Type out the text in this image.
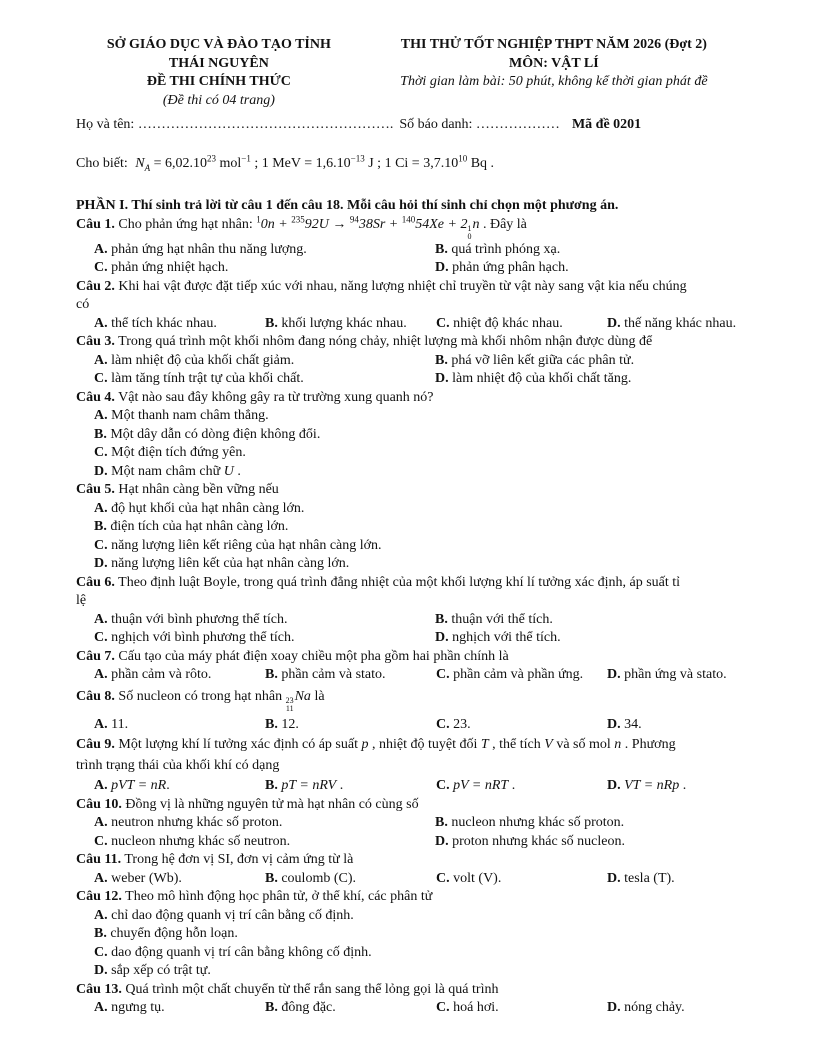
SỞ GIÁO DỤC VÀ ĐÀO TẠO TỈNH
THÁI NGUYÊN
ĐỀ THI CHÍNH THỨC
(Đề thi có 04 trang)
THI THỬ TỐT NGHIỆP THPT NĂM 2026 (Đợt 2)
MÔN: VẬT LÍ
Thời gian làm bài: 50 phút, không kể thời gian phát đề
Họ và tên: ………………………………………………. Số báo danh: ……………… Mã đề 0201
Cho biết: $N_A = 6,02.10^{23}$ mol$^{-1}$ ; 1 MeV = $1,6.10^{-13}$ J ; 1 $Ci = 3,7.10^{10}$ Bq .
PHẦN I. Thí sinh trả lời từ câu 1 đến câu 18. Mỗi câu hỏi thí sinh chỉ chọn một phương án.
Câu 1. Cho phản ứng hạt nhân: $^1$0n + $^{235}$92U → $^{94}$38Sr + $^{140}$54Xe + 2 1
0
n . Đây là
A. phản ứng hạt nhân thu năng lượng.	B. quá trình phóng xạ.
C. phản ứng nhiệt hạch.	D. phản ứng phân hạch.
Câu 2. Khi hai vật được đặt tiếp xúc với nhau, năng lượng nhiệt chỉ truyền từ vật này sang vật kia nếu chúng
có
A. thể tích khác nhau.	B. khối lượng khác nhau.	C. nhiệt độ khác nhau.	D. thế năng khác nhau.
Câu 3. Trong quá trình một khối nhôm đang nóng chảy, nhiệt lượng mà khối nhôm nhận được dùng để
A. làm nhiệt độ của khối chất giảm.	B. phá vỡ liên kết giữa các phân tử.
C. làm tăng tính trật tự của khối chất.	D. làm nhiệt độ của khối chất tăng.
Câu 4. Vật nào sau đây không gây ra từ trường xung quanh nó?
A. Một thanh nam châm thẳng.
B. Một dây dẫn có dòng điện không đổi.
C. Một điện tích đứng yên.
D. Một nam châm chữ U .
Câu 5. Hạt nhân càng bền vững nếu
A. độ hụt khối của hạt nhân càng lớn.
B. điện tích của hạt nhân càng lớn.
C. năng lượng liên kết riêng của hạt nhân càng lớn.
D. năng lượng liên kết của hạt nhân càng lớn.
Câu 6. Theo định luật Boyle, trong quá trình đẳng nhiệt của một khối lượng khí lí tưởng xác định, áp suất tỉ
lệ
A. thuận với bình phương thể tích.	B. thuận với thể tích.
C. nghịch với bình phương thể tích.	D. nghịch với thể tích.
Câu 7. Cấu tạo của máy phát điện xoay chiều một pha gồm hai phần chính là
A. phần cảm và rôto.	B. phần cảm và stato.	C. phần cảm và phần ứng.	D. phần ứng và stato.
Câu 8. Số nucleon có trong hạt nhân 23
11
Na là
A. 11.	B. 12.	C. 23.	D. 34.
Câu 9. Một lượng khí lí tưởng xác định có áp suất p , nhiệt độ tuyệt đối T , thể tích V và số mol n . Phương
trình trạng thái của khối khí có dạng
A. pVT = nR.	B. pT = nRV .	C. pV = nRT .	D. VT = nRp .
Câu 10. Đồng vị là những nguyên tử mà hạt nhân có cùng số
A. neutron nhưng khác số proton.	B. nucleon nhưng khác số proton.
C. nucleon nhưng khác số neutron.	D. proton nhưng khác số nucleon.
Câu 11. Trong hệ đơn vị SI, đơn vị cảm ứng từ là
A. weber (Wb).	B. coulomb (C).	C. volt (V).	D. tesla (T).
Câu 12. Theo mô hình động học phân tử, ở thể khí, các phân tử
A. chỉ dao động quanh vị trí cân bằng cố định.
B. chuyển động hỗn loạn.
C. dao động quanh vị trí cân bằng không cố định.
D. sắp xếp có trật tự.
Câu 13. Quá trình một chất chuyển từ thể rắn sang thể lỏng gọi là quá trình
A. ngưng tụ.	B. đông đặc.	C. hoá hơi.	D. nóng chảy.
